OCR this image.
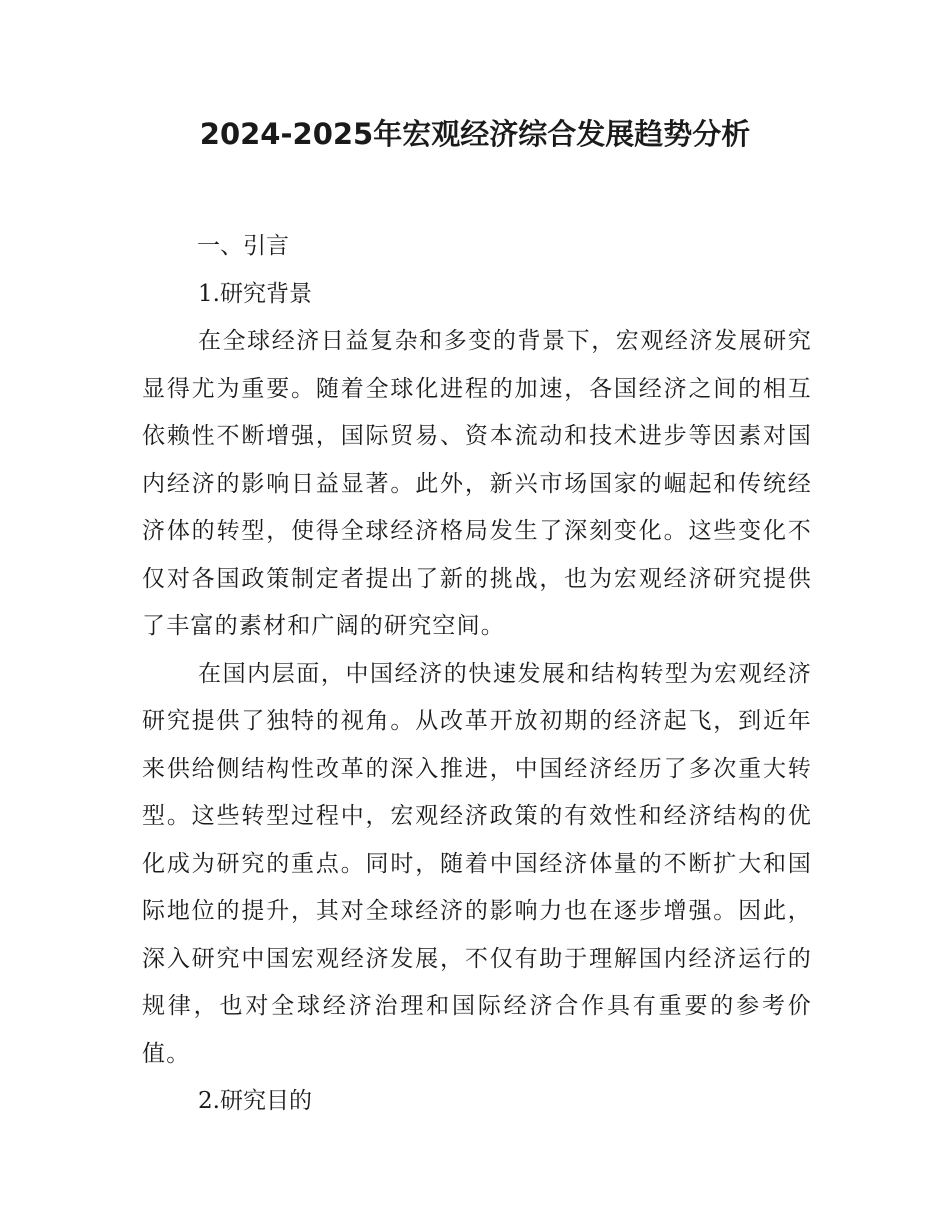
2024-2025年宏观经济综合发展趋势分析
一、引言
1.研究背景

在全球经济日益复杂和多变的背景下，宏观经济发展研究显得尤为重要。随着全球化进程的加速，各国经济之间的相互依赖性不断增强，国际贸易、资本流动和技术进步等因素对国内经济的影响日益显著。此外，新兴市场国家的崛起和传统经济体的转型，使得全球经济格局发生了深刻变化。这些变化不仅对各国政策制定者提出了新的挑战，也为宏观经济研究提供了丰富的素材和广阔的研究空间。

在国内层面，中国经济的快速发展和结构转型为宏观经济研究提供了独特的视角。从改革开放初期的经济起飞，到近年来供给侧结构性改革的深入推进，中国经济经历了多次重大转型。这些转型过程中，宏观经济政策的有效性和经济结构的优化成为研究的重点。同时，随着中国经济体量的不断扩大和国际地位的提升，其对全球经济的影响力也在逐步增强。因此，深入研究中国宏观经济发展，不仅有助于理解国内经济运行的规律，也对全球经济治理和国际经济合作具有重要的参考价值。

2.研究目的
